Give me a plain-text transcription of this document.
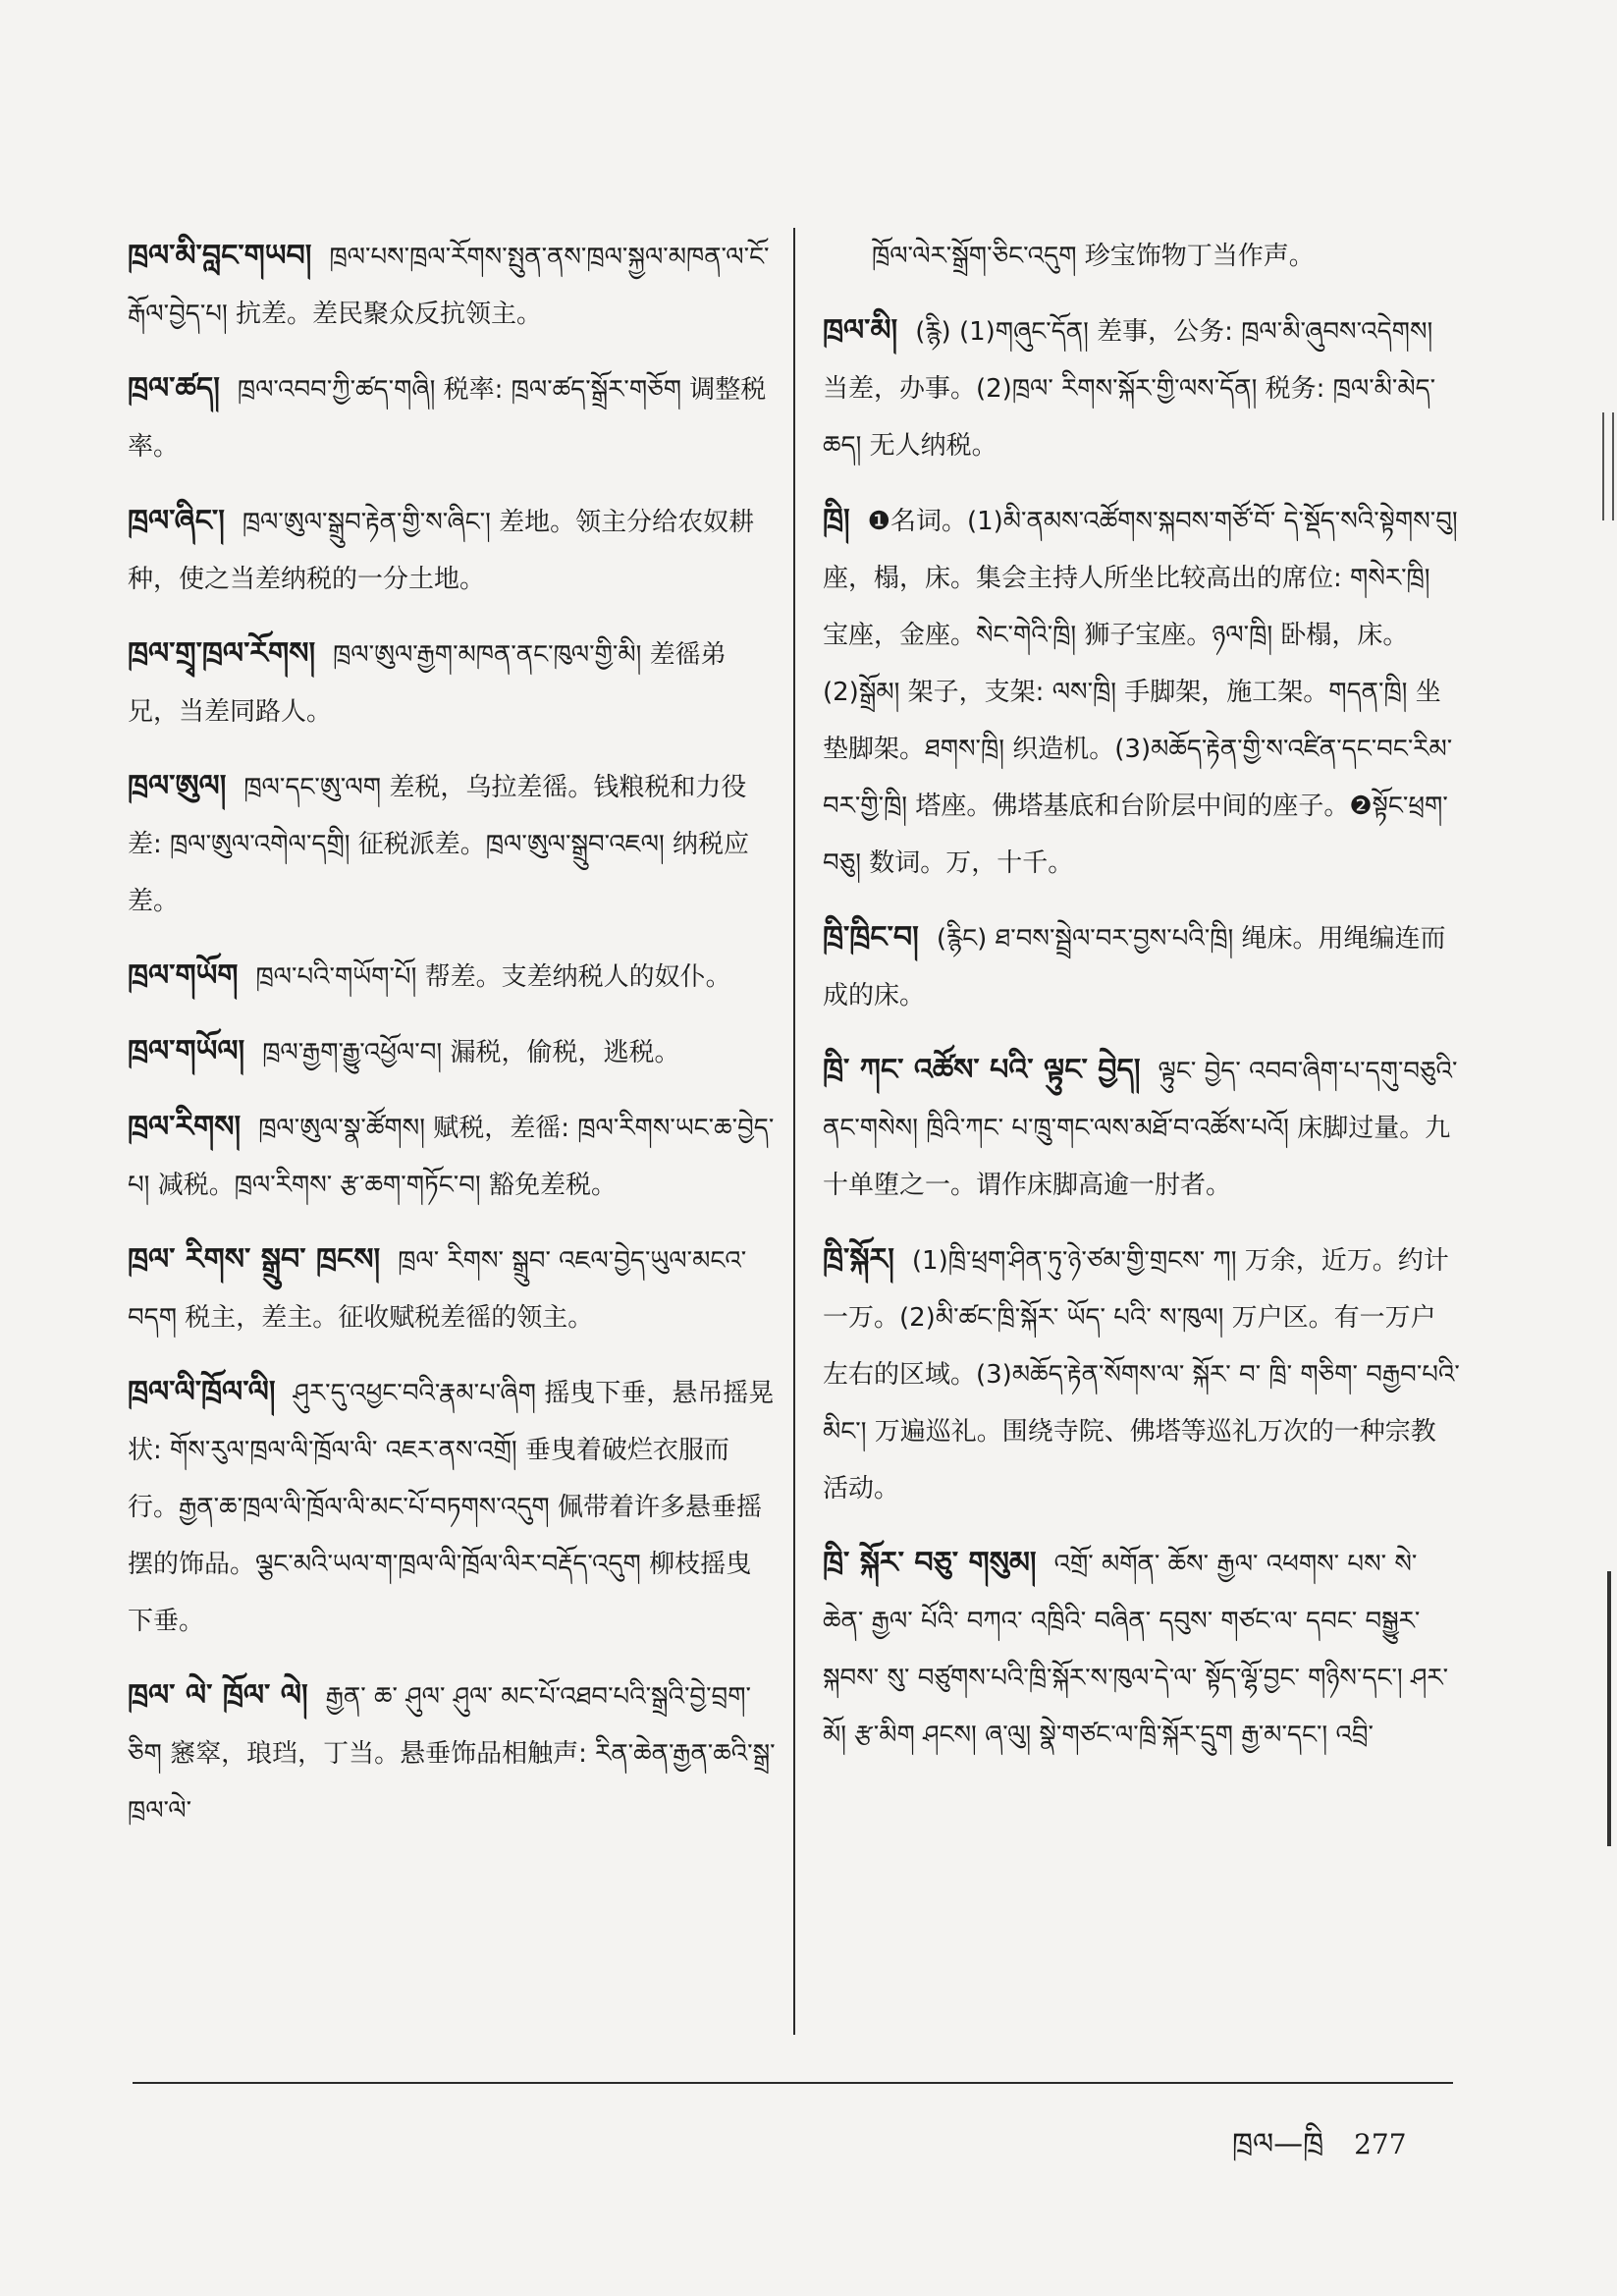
ཁྲལ་མི་བླང་གཡབ། ཁྲལ་པས་ཁྲལ་རོགས་སྤུན་ནས་ཁྲལ་སྐྱལ་མཁན་ལ་ངོ་རྒོལ་བྱེད་པ། 抗差。差民聚众反抗领主。
ཁྲལ་ཚད། ཁྲལ་འབབ་ཀྱི་ཚད་གཞི། 税率: ཁྲལ་ཚད་སྒྲོར་གཅོག 调整税率。
ཁྲལ་ཞིང་། ཁྲལ་ཨུལ་སྒྲུབ་རྟེན་གྱི་ས་ཞིང་། 差地。领主分给农奴耕种，使之当差纳税的一分土地。
ཁྲལ་གྲྭ་ཁྲལ་རོགས། ཁྲལ་ཨུལ་རྒྱག་མཁན་ནང་ཁུལ་གྱི་མི། 差徭弟兄，当差同路人。
ཁྲལ་ཨུལ། ཁྲལ་དང་ཨུ་ལག 差税，乌拉差徭。钱粮税和力役差: ཁྲལ་ཨུལ་འགེལ་དགྲི། 征税派差。ཁྲལ་ཨུལ་སྒྲུབ་འཇལ། 纳税应差。
ཁྲལ་གཡོག ཁྲལ་པའི་གཡོག་པོ། 帮差。支差纳税人的奴仆。
ཁྲལ་གཡོལ། ཁྲལ་རྒྱག་རྒྱུ་འཕྱོལ་བ། 漏税，偷税，逃税。
ཁྲལ་རིགས། ཁྲལ་ཨུལ་སྣ་ཚོགས། 赋税，差徭: ཁྲལ་རིགས་ཡང་ཆ་བྱེད་པ། 减税。ཁྲལ་རིགས་ རྩ་ཆག་གཏོང་བ། 豁免差税。
ཁྲལ་ རིགས་ སྒྲུབ་ ཁྲངས། ཁྲལ་ རིགས་ སྒྲུབ་ འཇལ་བྱེད་ཡུལ་མངའ་བདག 税主，差主。征收赋税差徭的领主。
ཁྲལ་ལི་ཁྲོལ་ལི། ཤུར་དུ་འཕྱང་བའི་རྣམ་པ་ཞིག 摇曳下垂，悬吊摇晃状: གོས་རུལ་ཁྲལ་ལི་ཁྲོལ་ལི་ འཇར་ནས་འགྲོ། 垂曳着破烂衣服而行。རྒྱན་ཆ་ཁྲལ་ལི་ཁྲོལ་ལི་མང་པོ་བཏགས་འདུག 佩带着许多悬垂摇摆的饰品。ལྕང་མའི་ཡལ་ག་ཁྲལ་ལི་ཁྲོལ་ལིར་བརྡོད་འདུག 柳枝摇曳下垂。
ཁྲལ་ ལེ་ ཁྲོལ་ ལེ། རྒྱན་ ཆ་ ཤུལ་ ཤུལ་ མང་པོ་འཐབ་པའི་སྒྲའི་བྱེ་བྲག་ཅིག 窸窣，琅珰，丁当。悬垂饰品相触声: རིན་ཆེན་རྒྱན་ཆའི་སྒྲ་ཁྲལ་ལེ་
ཁྲོལ་ལེར་སྒྲོག་ཅིང་འདུག 珍宝饰物丁当作声。
ཁྲལ་མི། (རྙི) (1)གཞུང་དོན། 差事，公务: ཁྲལ་མི་ཞུབས་འདེགས། 当差，办事。(2)ཁྲལ་ རིགས་སྐོར་གྱི་ལས་དོན། 税务: ཁྲལ་མི་མེད་ཆད། 无人纳税。
ཁྲི། ❶名词。(1)མི་ནམས་འཚོགས་སྐབས་གཙོ་བོ་ དེ་སྡོད་སའི་སྟེགས་བུ། 座，榻，床。集会主持人所坐比较高出的席位: གསེར་ཁྲི། 宝座，金座。སེང་གེའི་ཁྲི། 狮子宝座。ཉལ་ཁྲི། 卧榻，床。(2)སྒྲོམ། 架子，支架: ལས་ཁྲི། 手脚架，施工架。གདན་ཁྲི། 坐垫脚架。ཐགས་ཁྲི། 织造机。(3)མཆོད་རྟེན་གྱི་ས་འཛིན་དང་བང་རིམ་ བར་གྱི་ཁྲི། 塔座。佛塔基底和台阶层中间的座子。❷སྟོང་ཕྲག་བཅུ། 数词。万，十千。
ཁྲི་ཁྲིང་བ། (རྙིང) ཐ་བས་སྦྲེལ་བར་བྱས་པའི་ཁྲི། 绳床。用绳编连而成的床。
ཁྲི་ ཀང་ འཚོས་ པའི་ ལྟུང་ བྱེད། ལྟུང་ བྱེད་ འབབ་ཞིག་པ་དགུ་བཅུའི་ནང་གསེས། ཁྲིའི་ཀང་ པ་ཁྲུ་གང་ལས་མཐོ་བ་འཚོས་པའོ། 床脚过量。九十单堕之一。谓作床脚高逾一肘者。
ཁྲི་སྐོར། (1)ཁྲི་ཕྲག་ཤིན་ཏུ་ཉེ་ཙམ་གྱི་གྲངས་ ཀ། 万余，近万。约计一万。(2)མི་ཚང་ཁྲི་སྐོར་ ཡོད་ པའི་ ས་ཁུལ། 万户区。有一万户左右的区域。(3)མཆོད་རྟེན་སོགས་ལ་ སྐོར་ བ་ ཁྲི་ གཅིག་ བརྒྱབ་པའི་མིང་། 万遍巡礼。围绕寺院、佛塔等巡礼万次的一种宗教活动。
ཁྲི་ སྐོར་ བཅུ་ གསུམ། འགྲོ་ མགོན་ ཆོས་ རྒྱལ་ འཕགས་ པས་ སེ་ ཆེན་ རྒྱལ་ པོའི་ བཀའ་ འཁྲིའི་ བཞིན་ དབུས་ གཙང་ལ་ དབང་ བསྒྱུར་ སྐབས་ སུ་ བཙུགས་པའི་ཁྲི་སྐོར་ས་ཁུལ་དེ་ལ་ སྟོད་ལྷོ་བྱང་ གཉིས་དང་། ཤར་མོ། རྩ་མིག ཤངས། ཞ་ལུ། སྣེ་གཙང་ལ་ཁྲི་སྐོར་དྲུག རྒྱ་མ་དང་། འབྲི་
ཁྲལ—ཁྲི 277
